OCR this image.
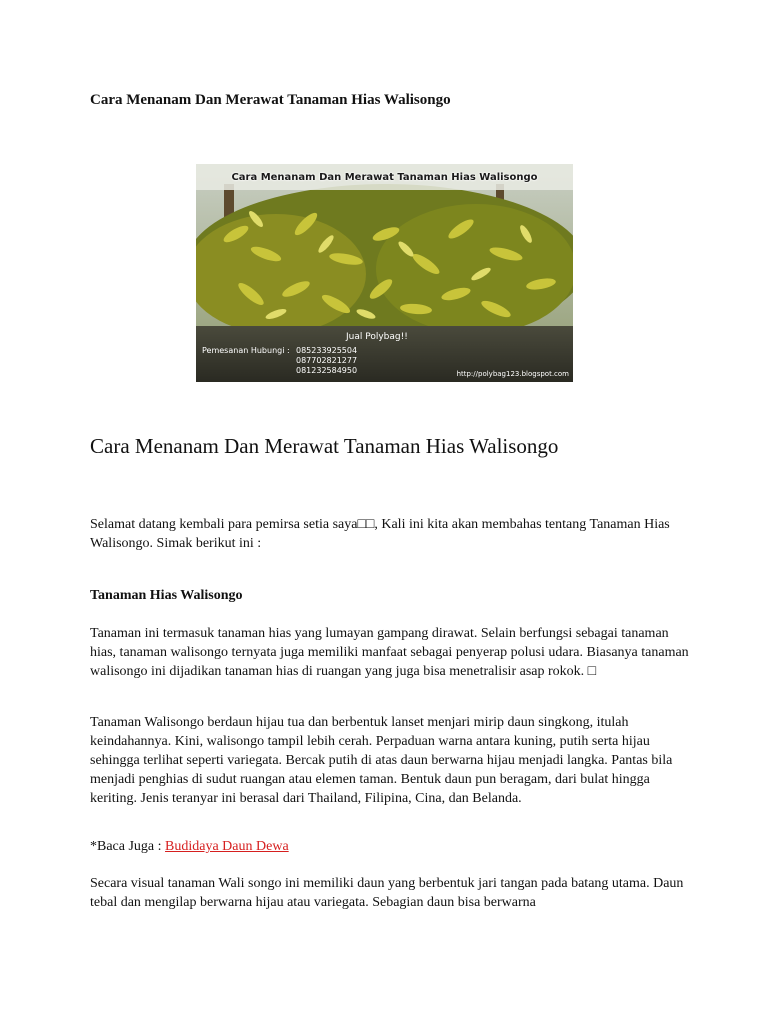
Cara Menanam Dan Merawat Tanaman Hias Walisongo
Cara Menanam Dan Merawat Tanaman Hias Walisongo
Jual Polybag!!
Pemesanan Hubungi : 085233925504
087702821277
081232584950	http://polybag123.blogspot.com
Cara Menanam Dan Merawat Tanaman Hias Walisongo

Selamat datang kembali para pemirsa setia saya□□, Kali ini kita akan membahas tentang Tanaman Hias Walisongo. Simak berikut ini :

Tanaman Hias Walisongo

Tanaman ini termasuk tanaman hias yang lumayan gampang dirawat. Selain berfungsi sebagai tanaman hias, tanaman walisongo ternyata juga memiliki manfaat sebagai penyerap polusi udara. Biasanya tanaman walisongo ini dijadikan tanaman hias di ruangan yang juga bisa menetralisir asap rokok. □

Tanaman Walisongo berdaun hijau tua dan berbentuk lanset menjari mirip daun singkong, itulah keindahannya. Kini, walisongo tampil lebih cerah. Perpaduan warna antara kuning, putih serta hijau sehingga terlihat seperti variegata. Bercak putih di atas daun berwarna hijau menjadi langka. Pantas bila menjadi penghias di sudut ruangan atau elemen taman. Bentuk daun pun beragam, dari bulat hingga keriting. Jenis teranyar ini berasal dari Thailand, Filipina, Cina, dan Belanda.

*Baca Juga : Budidaya Daun Dewa

Secara visual tanaman Wali songo ini memiliki daun yang berbentuk jari tangan pada batang utama. Daun tebal dan mengilap berwarna hijau atau variegata. Sebagian daun bisa berwarna
